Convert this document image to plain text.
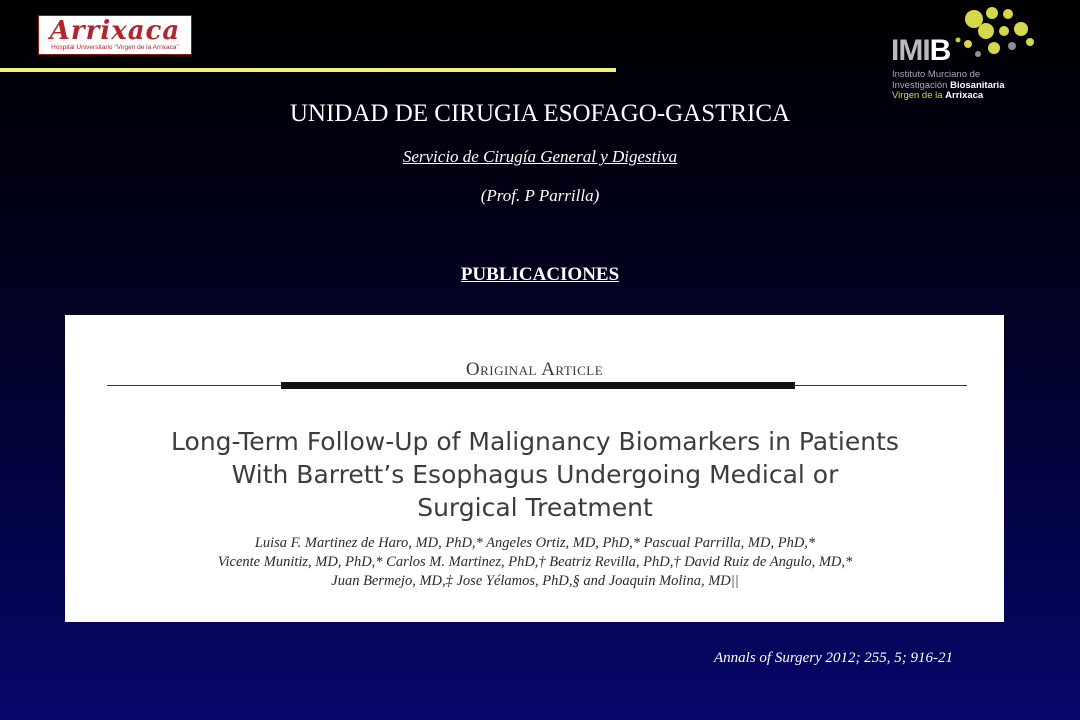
Arrixaca
Hospital Universitario "Virgen de la Arrixaca"	IMIB
Instituto Murciano de
Investigación Biosanitaria
Virgen de la Arrixaca
UNIDAD DE CIRUGIA ESOFAGO-GASTRICA
Servicio de Cirugía General y Digestiva
(Prof. P Parrilla)
PUBLICACIONES
Original Article
Long-Term Follow-Up of Malignancy Biomarkers in Patients
With Barrett’s Esophagus Undergoing Medical or
Surgical Treatment
Luisa F. Martinez de Haro, MD, PhD,* Angeles Ortiz, MD, PhD,* Pascual Parrilla, MD, PhD,*
Vicente Munitiz, MD, PhD,* Carlos M. Martinez, PhD,† Beatriz Revilla, PhD,† David Ruiz de Angulo, MD,*
Juan Bermejo, MD,‡ Jose Yélamos, PhD,§ and Joaquin Molina, MD||
Annals of Surgery 2012; 255, 5; 916-21
